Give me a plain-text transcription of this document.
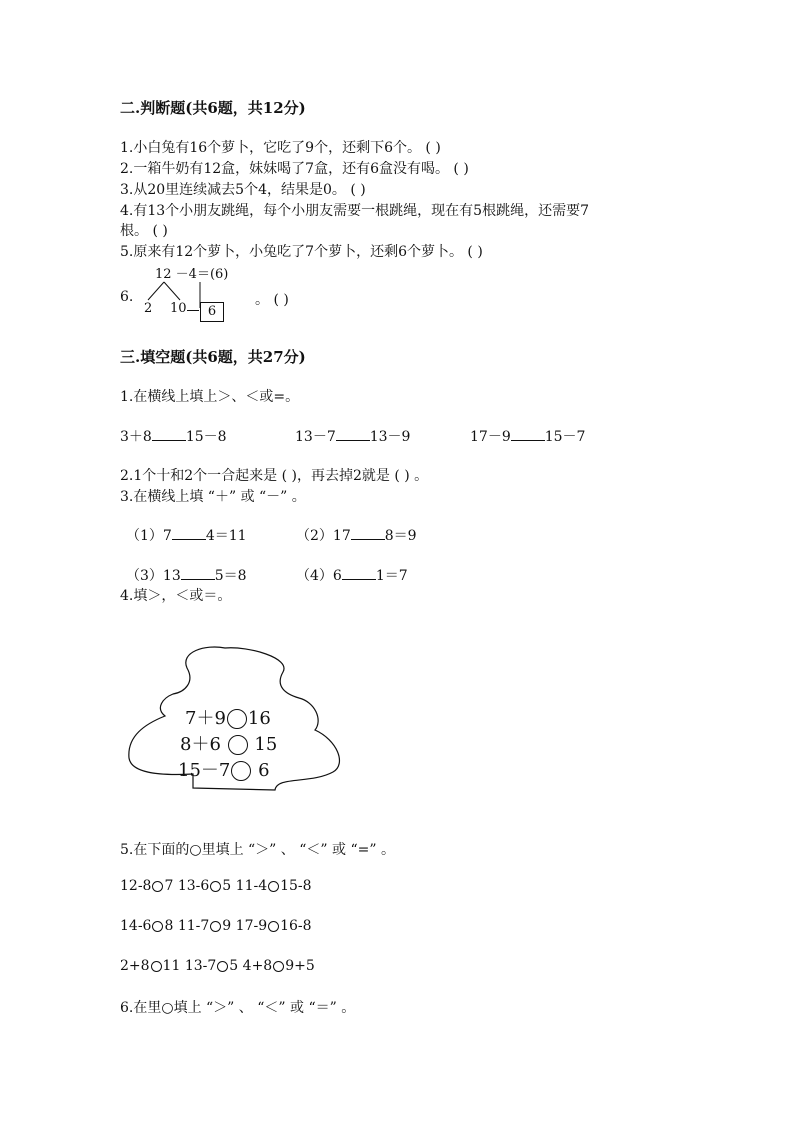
二.判断题(共6题，共12分)
1.小白兔有16个萝卜，它吃了9个，还剩下6个。 ( )
2.一箱牛奶有12盒，妹妹喝了7盒，还有6盒没有喝。 ( )
3.从20里连续减去5个4，结果是0。 ( )
4.有13个小朋友跳绳，每个小朋友需要一根跳绳，现在有5根跳绳，还需要7
根。 ( )
5.原来有12个萝卜，小兔吃了7个萝卜，还剩6个萝卜。 ( )
6.
12 －4＝(6)
2 10	6
。 ( )
三.填空题(共6题，共27分)
1.在横线上填上＞、＜或=。
3＋8 15－8	13－7 13－9	17－9 15－7
2.1个十和2个一合起来是 ( )，再去掉2就是 ( ) 。
3.在横线上填 “＋” 或 “－” 。
（1）7 4＝11	（2）17 8＝9
（3）13 5＝8	（4）6 1＝7
4.填＞，＜或＝。
7＋9 16
8＋6 15
15－7 6
5.在下面的○里填上 “＞” 、 “＜” 或 “=” 。
12-8 7 13-6 5 11-4 15-8
14-6 8 11-7 9 17-9 16-8
2+8 11 13-7 5 4+8 9+5
6.在里○填上 “＞” 、 “＜” 或 “＝” 。
